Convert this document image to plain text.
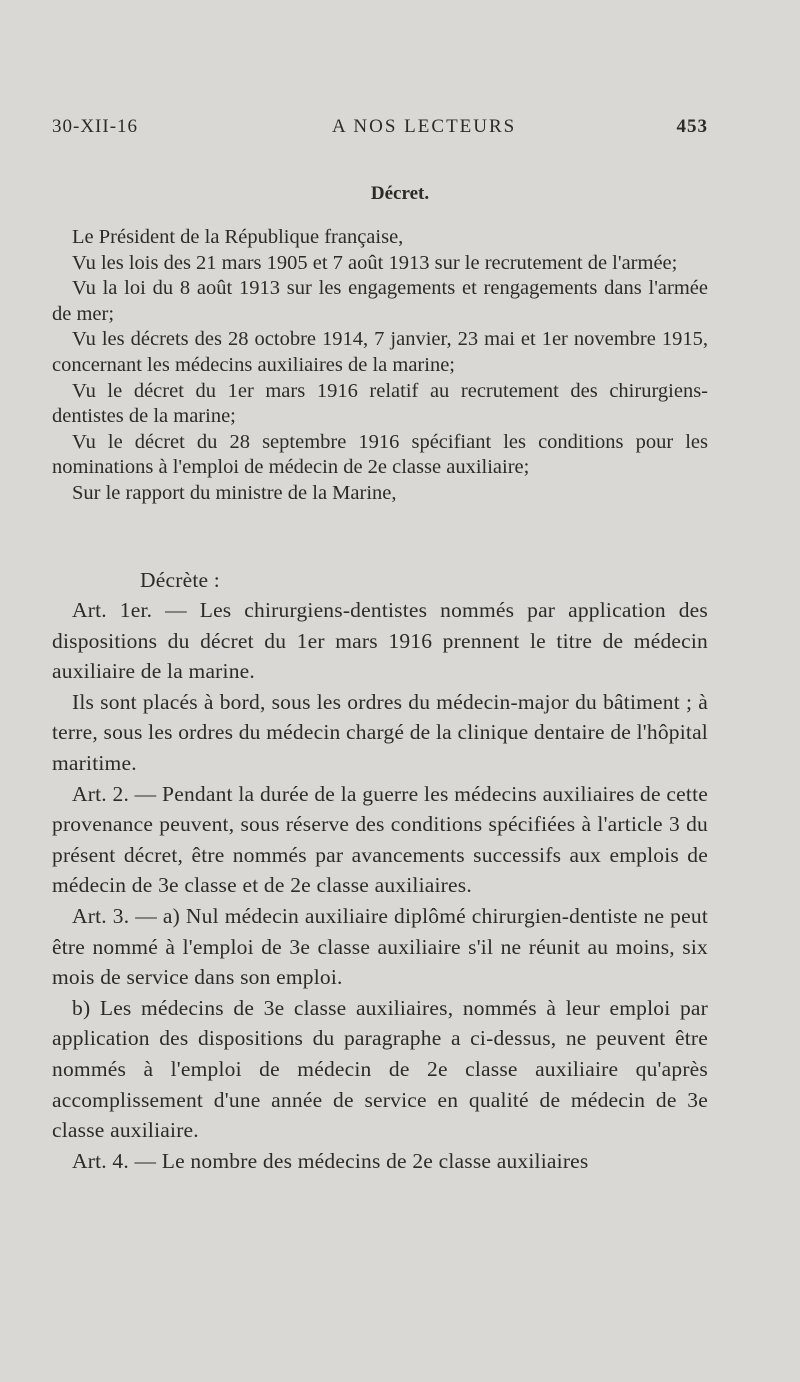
30-XII-16	A NOS LECTEURS	453
Décret.
Le Président de la République française,
Vu les lois des 21 mars 1905 et 7 août 1913 sur le recrutement de l'armée;
Vu la loi du 8 août 1913 sur les engagements et rengagements dans l'armée de mer;
Vu les décrets des 28 octobre 1914, 7 janvier, 23 mai et 1er novembre 1915, concernant les médecins auxiliaires de la marine;
Vu le décret du 1er mars 1916 relatif au recrutement des chirurgiens-dentistes de la marine;
Vu le décret du 28 septembre 1916 spécifiant les conditions pour les nominations à l'emploi de médecin de 2e classe auxiliaire;
Sur le rapport du ministre de la Marine,
Décrète :
Art. 1er. — Les chirurgiens-dentistes nommés par application des dispositions du décret du 1er mars 1916 prennent le titre de médecin auxiliaire de la marine.
Ils sont placés à bord, sous les ordres du médecin-major du bâtiment ; à terre, sous les ordres du médecin chargé de la clinique dentaire de l'hôpital maritime.
Art. 2. — Pendant la durée de la guerre les médecins auxiliaires de cette provenance peuvent, sous réserve des conditions spécifiées à l'article 3 du présent décret, être nommés par avancements successifs aux emplois de médecin de 3e classe et de 2e classe auxiliaires.
Art. 3. — a) Nul médecin auxiliaire diplômé chirurgien-dentiste ne peut être nommé à l'emploi de 3e classe auxiliaire s'il ne réunit au moins, six mois de service dans son emploi.
b) Les médecins de 3e classe auxiliaires, nommés à leur emploi par application des dispositions du paragraphe a ci-dessus, ne peuvent être nommés à l'emploi de médecin de 2e classe auxiliaire qu'après accomplissement d'une année de service en qualité de médecin de 3e classe auxiliaire.
Art. 4. — Le nombre des médecins de 2e classe auxiliaires
